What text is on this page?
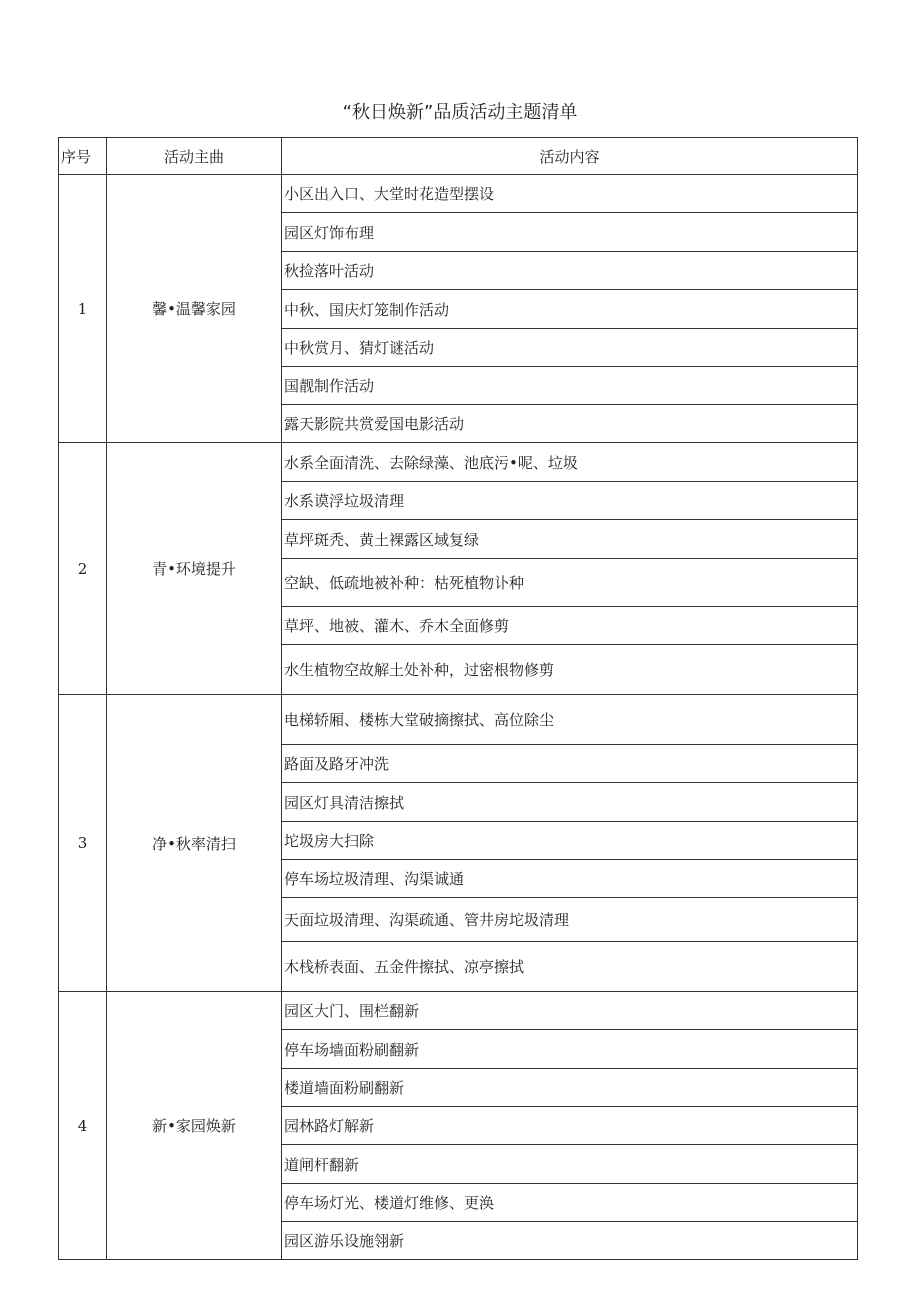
“秋日焕新”品质活动主题清单
序号	活动主曲	活动内容
1	馨•温馨家园	小区出入口、大堂时花造型摆设
		园区灯饰布理
		秋捡落叶活动
		中秋、国庆灯笼制作活动
		中秋赏月、猜灯谜活动
		国靓制作活动
		露天影院共赏爱国电影活动
2	青•环境提升	水系全面清洗、去除绿藻、池底污•呢、垃圾
		水系谟浮垃圾清理
		草坪斑秃、黄土裸露区域复绿
		空缺、低疏地被补种：枯死植物讣种
		草坪、地被、灌木、乔木全面修剪
		水生植物空故解土处补种，过密根物修剪
3	净•秋率清扫	电梯轿厢、楼栋大堂破摘擦拭、高位除尘
		路面及路牙冲洗
		园区灯具清洁擦拭
		坨圾房大扫除
		停车场垃圾清理、沟渠诚通
		天面垃圾清理、沟渠疏通、管井房坨圾清理
		木栈桥表面、五金件擦拭、凉亭擦拭
4	新•家园焕新	园区大门、围栏翻新
		停车场墙面粉刷翻新
		楼道墙面粉刷翻新
		园林路灯解新
		道闸杆翻新
		停车场灯光、楼道灯维修、更涣
		园区游乐设施翎新
